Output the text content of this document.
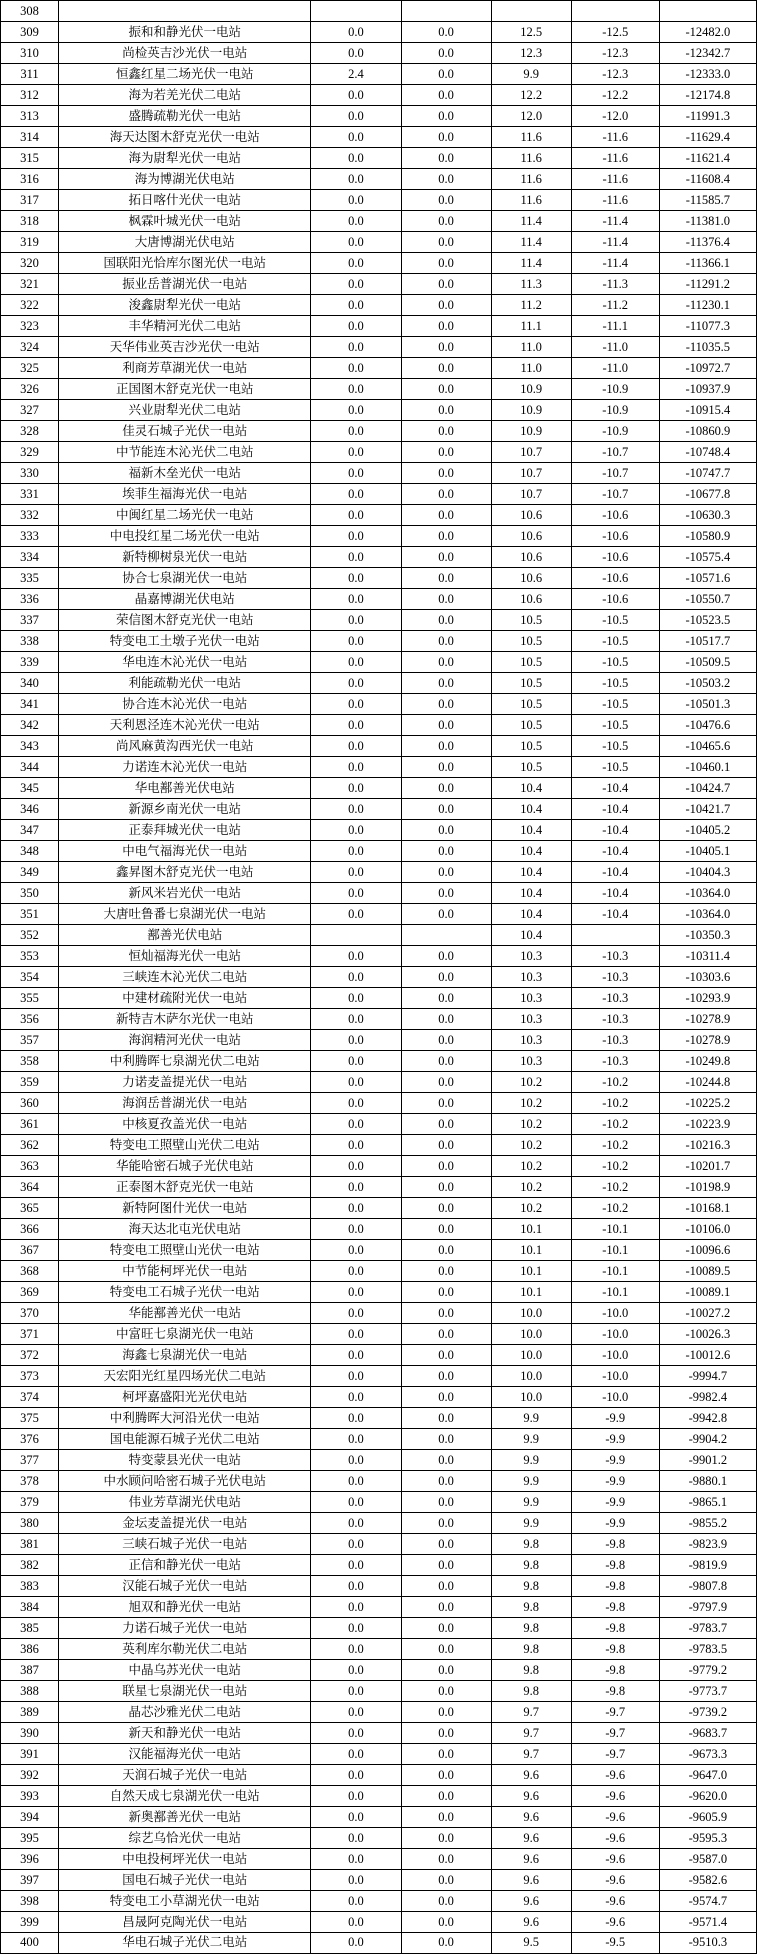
308						
309	振和和静光伏一电站	0.0	0.0	12.5	-12.5	-12482.0
310	尚检英吉沙光伏一电站	0.0	0.0	12.3	-12.3	-12342.7
311	恒鑫红星二场光伏一电站	2.4	0.0	9.9	-12.3	-12333.0
312	海为若羌光伏二电站	0.0	0.0	12.2	-12.2	-12174.8
313	盛腾疏勒光伏一电站	0.0	0.0	12.0	-12.0	-11991.3
314	海天达图木舒克光伏一电站	0.0	0.0	11.6	-11.6	-11629.4
315	海为尉犁光伏一电站	0.0	0.0	11.6	-11.6	-11621.4
316	海为博湖光伏电站	0.0	0.0	11.6	-11.6	-11608.4
317	拓日喀什光伏一电站	0.0	0.0	11.6	-11.6	-11585.7
318	枫霖叶城光伏一电站	0.0	0.0	11.4	-11.4	-11381.0
319	大唐博湖光伏电站	0.0	0.0	11.4	-11.4	-11376.4
320	国联阳光恰库尔图光伏一电站	0.0	0.0	11.4	-11.4	-11366.1
321	振业岳普湖光伏一电站	0.0	0.0	11.3	-11.3	-11291.2
322	浚鑫尉犁光伏一电站	0.0	0.0	11.2	-11.2	-11230.1
323	丰华精河光伏二电站	0.0	0.0	11.1	-11.1	-11077.3
324	天华伟业英吉沙光伏一电站	0.0	0.0	11.0	-11.0	-11035.5
325	利商芳草湖光伏一电站	0.0	0.0	11.0	-11.0	-10972.7
326	正国图木舒克光伏一电站	0.0	0.0	10.9	-10.9	-10937.9
327	兴业尉犁光伏二电站	0.0	0.0	10.9	-10.9	-10915.4
328	佳灵石城子光伏一电站	0.0	0.0	10.9	-10.9	-10860.9
329	中节能连木沁光伏二电站	0.0	0.0	10.7	-10.7	-10748.4
330	福新木垒光伏一电站	0.0	0.0	10.7	-10.7	-10747.7
331	埃菲生福海光伏一电站	0.0	0.0	10.7	-10.7	-10677.8
332	中闽红星二场光伏一电站	0.0	0.0	10.6	-10.6	-10630.3
333	中电投红星二场光伏一电站	0.0	0.0	10.6	-10.6	-10580.9
334	新特柳树泉光伏一电站	0.0	0.0	10.6	-10.6	-10575.4
335	协合七泉湖光伏一电站	0.0	0.0	10.6	-10.6	-10571.6
336	晶嘉博湖光伏电站	0.0	0.0	10.6	-10.6	-10550.7
337	荣信图木舒克光伏一电站	0.0	0.0	10.5	-10.5	-10523.5
338	特变电工土墩子光伏一电站	0.0	0.0	10.5	-10.5	-10517.7
339	华电连木沁光伏一电站	0.0	0.0	10.5	-10.5	-10509.5
340	利能疏勒光伏一电站	0.0	0.0	10.5	-10.5	-10503.2
341	协合连木沁光伏一电站	0.0	0.0	10.5	-10.5	-10501.3
342	天利恩泾连木沁光伏一电站	0.0	0.0	10.5	-10.5	-10476.6
343	尚风麻黄沟西光伏一电站	0.0	0.0	10.5	-10.5	-10465.6
344	力诺连木沁光伏一电站	0.0	0.0	10.5	-10.5	-10460.1
345	华电鄯善光伏电站	0.0	0.0	10.4	-10.4	-10424.7
346	新源乡南光伏一电站	0.0	0.0	10.4	-10.4	-10421.7
347	正泰拜城光伏一电站	0.0	0.0	10.4	-10.4	-10405.2
348	中电气福海光伏一电站	0.0	0.0	10.4	-10.4	-10405.1
349	鑫昇图木舒克光伏一电站	0.0	0.0	10.4	-10.4	-10404.3
350	新风米岩光伏一电站	0.0	0.0	10.4	-10.4	-10364.0
351	大唐吐鲁番七泉湖光伏一电站	0.0	0.0	10.4	-10.4	-10364.0
352	鄯善光伏电站			10.4		-10350.3
353	恒灿福海光伏一电站	0.0	0.0	10.3	-10.3	-10311.4
354	三峡连木沁光伏二电站	0.0	0.0	10.3	-10.3	-10303.6
355	中建材疏附光伏一电站	0.0	0.0	10.3	-10.3	-10293.9
356	新特吉木萨尔光伏一电站	0.0	0.0	10.3	-10.3	-10278.9
357	海润精河光伏一电站	0.0	0.0	10.3	-10.3	-10278.9
358	中利腾晖七泉湖光伏二电站	0.0	0.0	10.3	-10.3	-10249.8
359	力诺麦盖提光伏一电站	0.0	0.0	10.2	-10.2	-10244.8
360	海润岳普湖光伏一电站	0.0	0.0	10.2	-10.2	-10225.2
361	中核夏孜盖光伏一电站	0.0	0.0	10.2	-10.2	-10223.9
362	特变电工照壁山光伏二电站	0.0	0.0	10.2	-10.2	-10216.3
363	华能哈密石城子光伏电站	0.0	0.0	10.2	-10.2	-10201.7
364	正泰图木舒克光伏一电站	0.0	0.0	10.2	-10.2	-10198.9
365	新特阿图什光伏一电站	0.0	0.0	10.2	-10.2	-10168.1
366	海天达北屯光伏电站	0.0	0.0	10.1	-10.1	-10106.0
367	特变电工照壁山光伏一电站	0.0	0.0	10.1	-10.1	-10096.6
368	中节能柯坪光伏一电站	0.0	0.0	10.1	-10.1	-10089.5
369	特变电工石城子光伏一电站	0.0	0.0	10.1	-10.1	-10089.1
370	华能鄯善光伏一电站	0.0	0.0	10.0	-10.0	-10027.2
371	中富旺七泉湖光伏一电站	0.0	0.0	10.0	-10.0	-10026.3
372	海鑫七泉湖光伏一电站	0.0	0.0	10.0	-10.0	-10012.6
373	天宏阳光红星四场光伏二电站	0.0	0.0	10.0	-10.0	-9994.7
374	柯坪嘉盛阳光光伏电站	0.0	0.0	10.0	-10.0	-9982.4
375	中利腾晖大河沿光伏一电站	0.0	0.0	9.9	-9.9	-9942.8
376	国电能源石城子光伏二电站	0.0	0.0	9.9	-9.9	-9904.2
377	特变蒙县光伏一电站	0.0	0.0	9.9	-9.9	-9901.2
378	中水顾问哈密石城子光伏电站	0.0	0.0	9.9	-9.9	-9880.1
379	伟业芳草湖光伏电站	0.0	0.0	9.9	-9.9	-9865.1
380	金坛麦盖提光伏一电站	0.0	0.0	9.9	-9.9	-9855.2
381	三峡石城子光伏一电站	0.0	0.0	9.8	-9.8	-9823.9
382	正信和静光伏一电站	0.0	0.0	9.8	-9.8	-9819.9
383	汉能石城子光伏一电站	0.0	0.0	9.8	-9.8	-9807.8
384	旭双和静光伏一电站	0.0	0.0	9.8	-9.8	-9797.9
385	力诺石城子光伏一电站	0.0	0.0	9.8	-9.8	-9783.7
386	英利库尔勒光伏二电站	0.0	0.0	9.8	-9.8	-9783.5
387	中晶乌苏光伏一电站	0.0	0.0	9.8	-9.8	-9779.2
388	联星七泉湖光伏一电站	0.0	0.0	9.8	-9.8	-9773.7
389	晶芯沙雅光伏二电站	0.0	0.0	9.7	-9.7	-9739.2
390	新天和静光伏一电站	0.0	0.0	9.7	-9.7	-9683.7
391	汉能福海光伏一电站	0.0	0.0	9.7	-9.7	-9673.3
392	天润石城子光伏一电站	0.0	0.0	9.6	-9.6	-9647.0
393	自然天成七泉湖光伏一电站	0.0	0.0	9.6	-9.6	-9620.0
394	新奥鄯善光伏一电站	0.0	0.0	9.6	-9.6	-9605.9
395	综艺乌恰光伏一电站	0.0	0.0	9.6	-9.6	-9595.3
396	中电投柯坪光伏一电站	0.0	0.0	9.6	-9.6	-9587.0
397	国电石城子光伏一电站	0.0	0.0	9.6	-9.6	-9582.6
398	特变电工小草湖光伏一电站	0.0	0.0	9.6	-9.6	-9574.7
399	昌晟阿克陶光伏一电站	0.0	0.0	9.6	-9.6	-9571.4
400	华电石城子光伏二电站	0.0	0.0	9.5	-9.5	-9510.3
